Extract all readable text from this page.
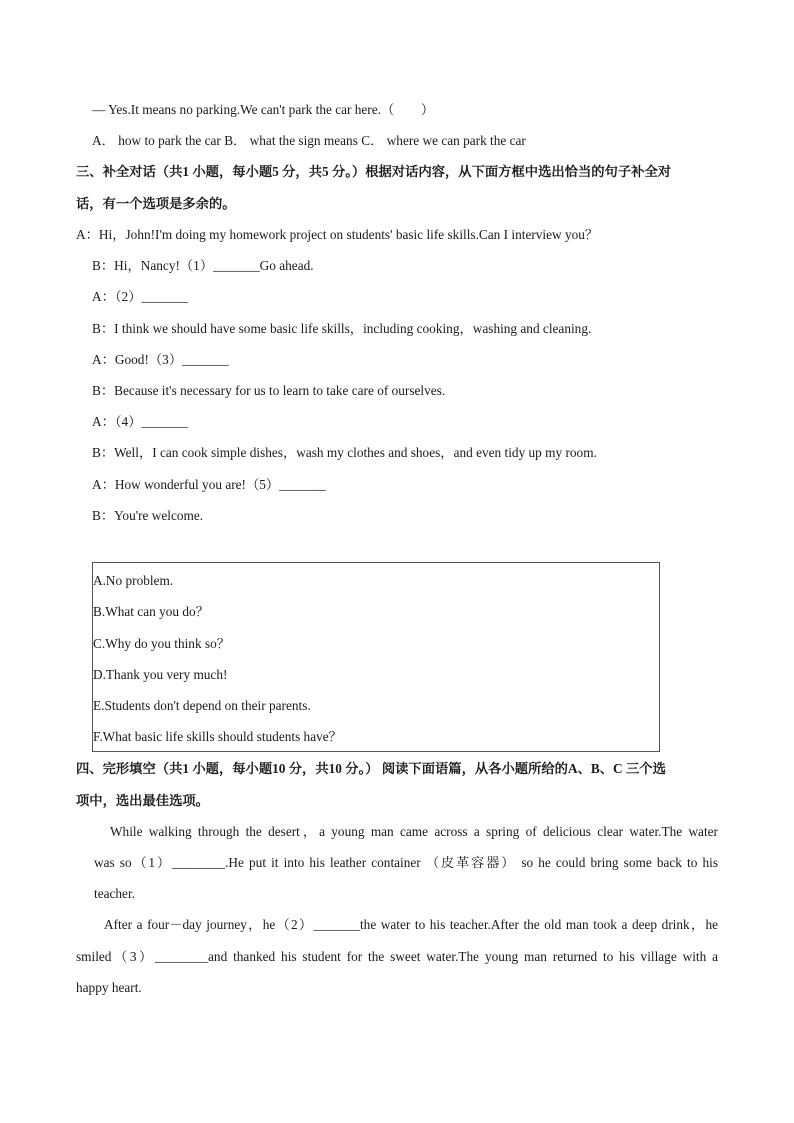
— Yes.It means no parking.We can't park the car here.（　　）
A． how to park the car B． what the sign means C． where we can park the car
三、补全对话（共1 小题，每小题5 分，共5 分。）根据对话内容，从下面方框中选出恰当的句子补全对
话，有一个选项是多余的。
A：Hi，John!I'm doing my homework project on students' basic life skills.Can I interview you？
B：Hi，Nancy!（1）_______Go ahead.
A：（2）_______
B：I think we should have some basic life skills，including cooking，washing and cleaning.
A：Good!（3）_______
B：Because it's necessary for us to learn to take care of ourselves.
A：（4）_______
B：Well，I can cook simple dishes，wash my clothes and shoes，and even tidy up my room.
A：How wonderful you are!（5）_______
B：You're welcome.
A.No problem.
B.What can you do？
C.Why do you think so？
D.Thank you very much!
E.Students don't depend on their parents.
F.What basic life skills should students have？
四、完形填空（共1 小题，每小题10 分，共10 分。） 阅读下面语篇，从各小题所给的A、B、C 三个选
项中，选出最佳选项。
While walking through the desert，a young man came across a spring of delicious clear water.The water
was so（1）________.He put it into his leather container （皮革容器） so he could bring some back to his
teacher.
After a four－day journey，he（2）_______the water to his teacher.After the old man took a deep drink，he
smiled（3）________and thanked his student for the sweet water.The young man returned to his village with a
happy heart.
